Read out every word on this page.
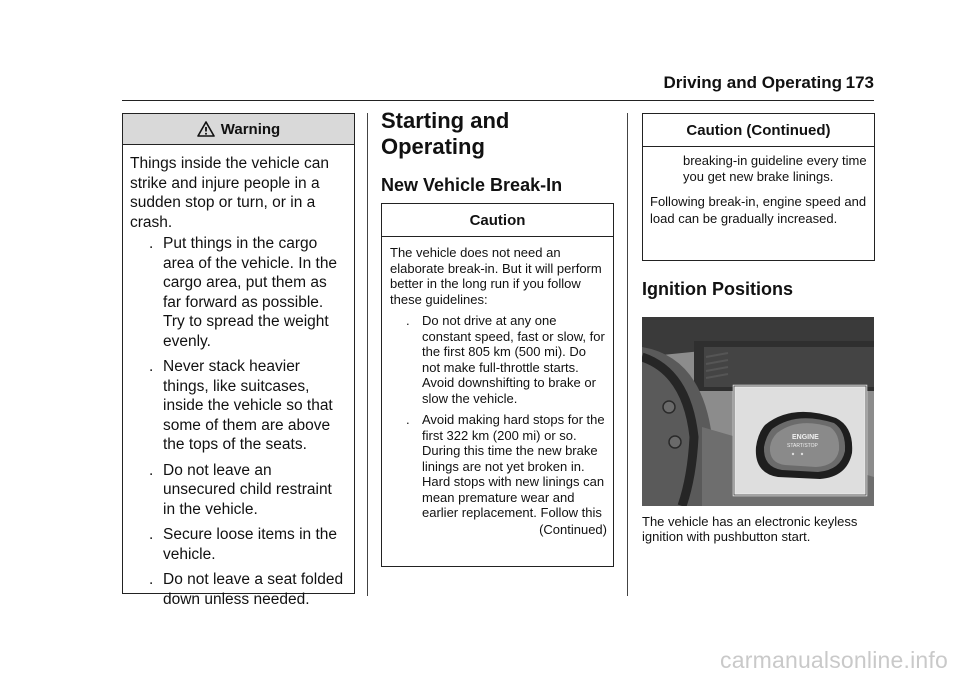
Driving and Operating 173
Warning
Things inside the vehicle can strike and injure people in a sudden stop or turn, or in a crash.
. Put things in the cargo area of the vehicle. In the cargo area, put them as far forward as possible. Try to spread the weight evenly.
. Never stack heavier things, like suitcases, inside the vehicle so that some of them are above the tops of the seats.
. Do not leave an unsecured child restraint in the vehicle.
. Secure loose items in the vehicle.
. Do not leave a seat folded down unless needed.
Starting and Operating
New Vehicle Break-In
Caution
The vehicle does not need an elaborate break-in. But it will perform better in the long run if you follow these guidelines:
. Do not drive at any one constant speed, fast or slow, for the first 805 km (500 mi). Do not make full-throttle starts. Avoid downshifting to brake or slow the vehicle.
. Avoid making hard stops for the first 322 km (200 mi) or so. During this time the new brake linings are not yet broken in. Hard stops with new linings can mean premature wear and earlier replacement. Follow this
(Continued)
Caution (Continued)
breaking-in guideline every time you get new brake linings.
Following break-in, engine speed and load can be gradually increased.
Ignition Positions
ENGINE
START/STOP
The vehicle has an electronic keyless ignition with pushbutton start.
carmanualsonline.info
